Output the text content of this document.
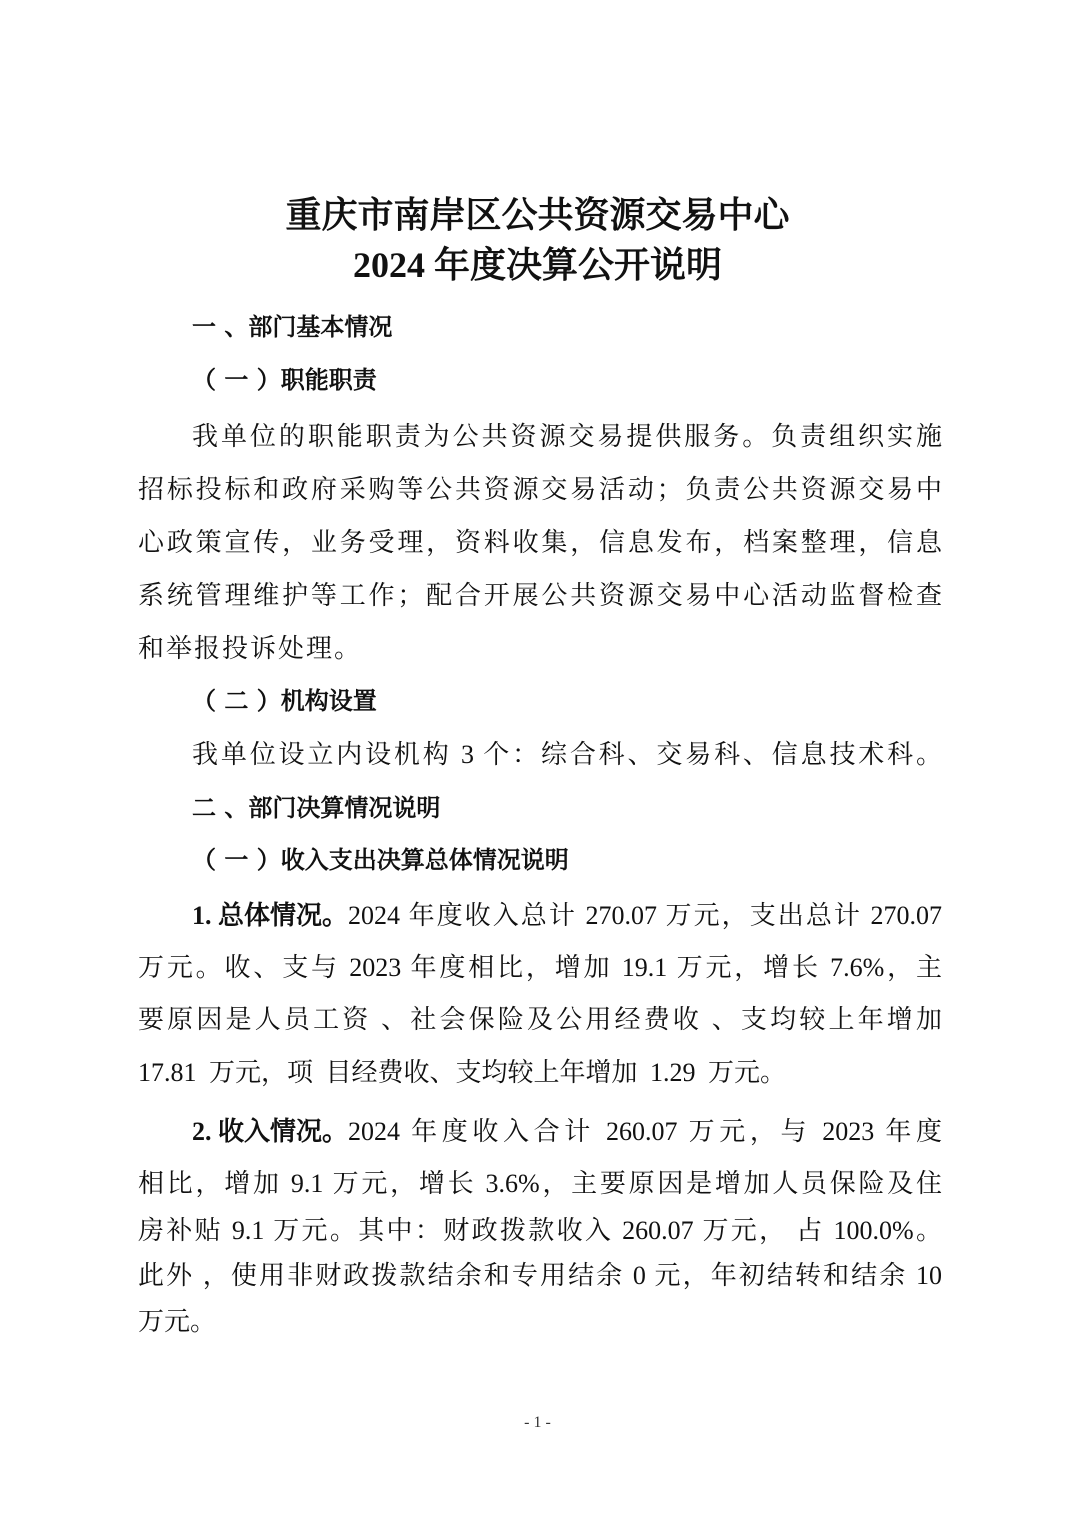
重庆市南岸区公共资源交易中心
2024 年度决算公开说明
一 、部门基本情况
（ 一 ）职能职责
我单位的职能职责为公共资源交易提供服务。负责组织实施
招标投标和政府采购等公共资源交易活动；负责公共资源交易中
心政策宣传，业务受理，资料收集，信息发布，档案整理，信息
系统管理维护等工作；配合开展公共资源交易中心活动监督检查
和举报投诉处理。
（ 二 ）机构设置
我单位设立内设机构 3 个：综合科、交易科、信息技术科。
二 、部门决算情况说明
（ 一 ）收入支出决算总体情况说明
1. 总体情况。 2024 年度收入总计 270.07 万元，支出总计 270.07
万元。收、支与 2023 年度相比，增加 19.1 万元，增长 7.6%，主
要原因是人员工资 、社会保险及公用经费收 、支均较上年增加
17.81 万元，项 目经费收、支均较上年增加 1.29 万元。
2. 收入情况。 2024 年度收入合计 260.07 万元，与 2023 年度
相比，增加 9.1 万元，增长 3.6%，主要原因是增加人员保险及住
房补贴 9.1 万元。其中：财政拨款收入 260.07 万元， 占 100.0%。
此外 ，使用非财政拨款结余和专用结余 0 元，年初结转和结余 10
万元。
- 1 -
